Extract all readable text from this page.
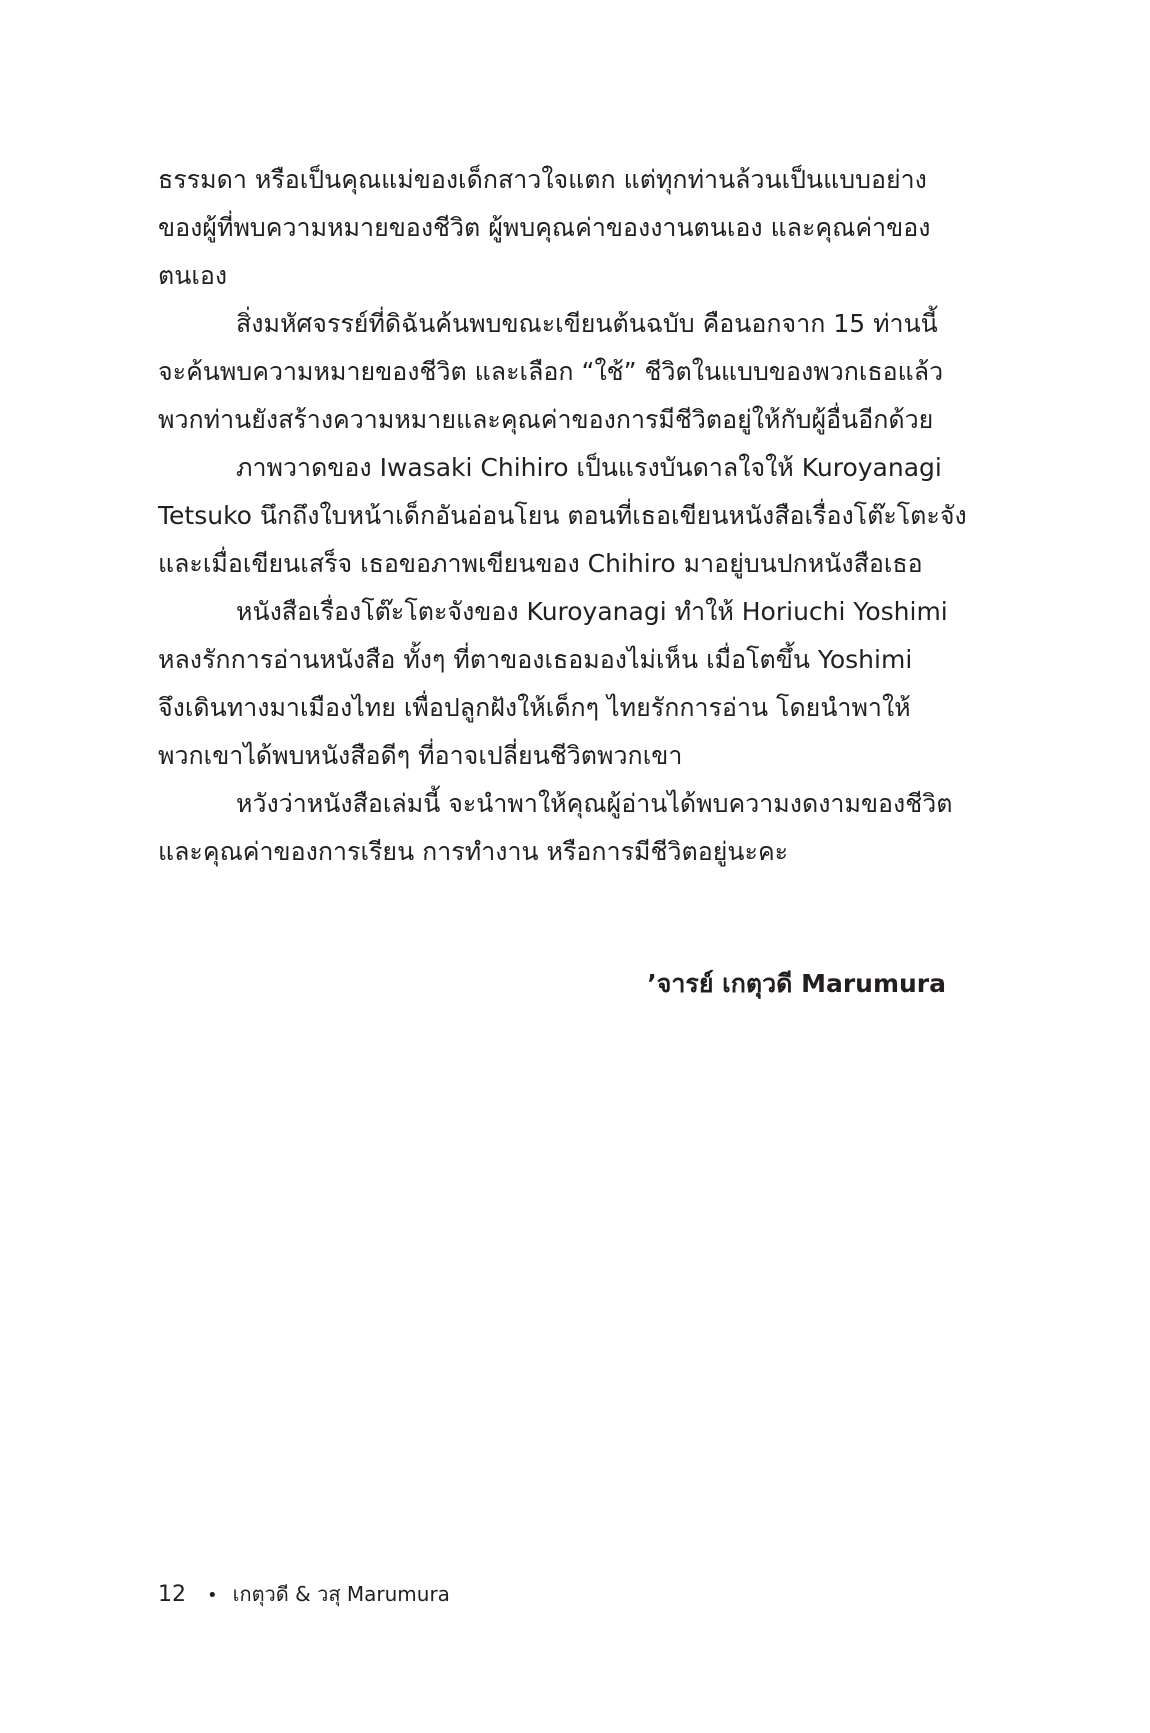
ธรรมดา หรือเป็นคุณแม่ของเด็กสาวใจแตก แต่ทุกท่านล้วนเป็นแบบอย่าง
ของผู้ที่พบความหมายของชีวิต ผู้พบคุณค่าของงานตนเอง และคุณค่าของ
ตนเอง
สิ่งมหัศจรรย์ที่ดิฉันค้นพบขณะเขียนต้นฉบับ คือนอกจาก 15 ท่านนี้
จะค้นพบความหมายของชีวิต และเลือก “ใช้” ชีวิตในแบบของพวกเธอแล้ว
พวกท่านยังสร้างความหมายและคุณค่าของการมีชีวิตอยู่ให้กับผู้อื่นอีกด้วย
ภาพวาดของ Iwasaki Chihiro เป็นแรงบันดาลใจให้ Kuroyanagi
Tetsuko นึกถึงใบหน้าเด็กอันอ่อนโยน ตอนที่เธอเขียนหนังสือเรื่องโต๊ะโตะจัง
และเมื่อเขียนเสร็จ เธอขอภาพเขียนของ Chihiro มาอยู่บนปกหนังสือเธอ
หนังสือเรื่องโต๊ะโตะจังของ Kuroyanagi ทำให้ Horiuchi Yoshimi
หลงรักการอ่านหนังสือ ทั้งๆ ที่ตาของเธอมองไม่เห็น เมื่อโตขึ้น Yoshimi
จึงเดินทางมาเมืองไทย เพื่อปลูกฝังให้เด็กๆ ไทยรักการอ่าน โดยนำพาให้
พวกเขาได้พบหนังสือดีๆ ที่อาจเปลี่ยนชีวิตพวกเขา
หวังว่าหนังสือเล่มนี้ จะนำพาให้คุณผู้อ่านได้พบความงดงามของชีวิต
และคุณค่าของการเรียน การทำงาน หรือการมีชีวิตอยู่นะคะ
’จารย์ เกตุวดี Marumura
12 • เกตุวดี & วสุ Marumura
